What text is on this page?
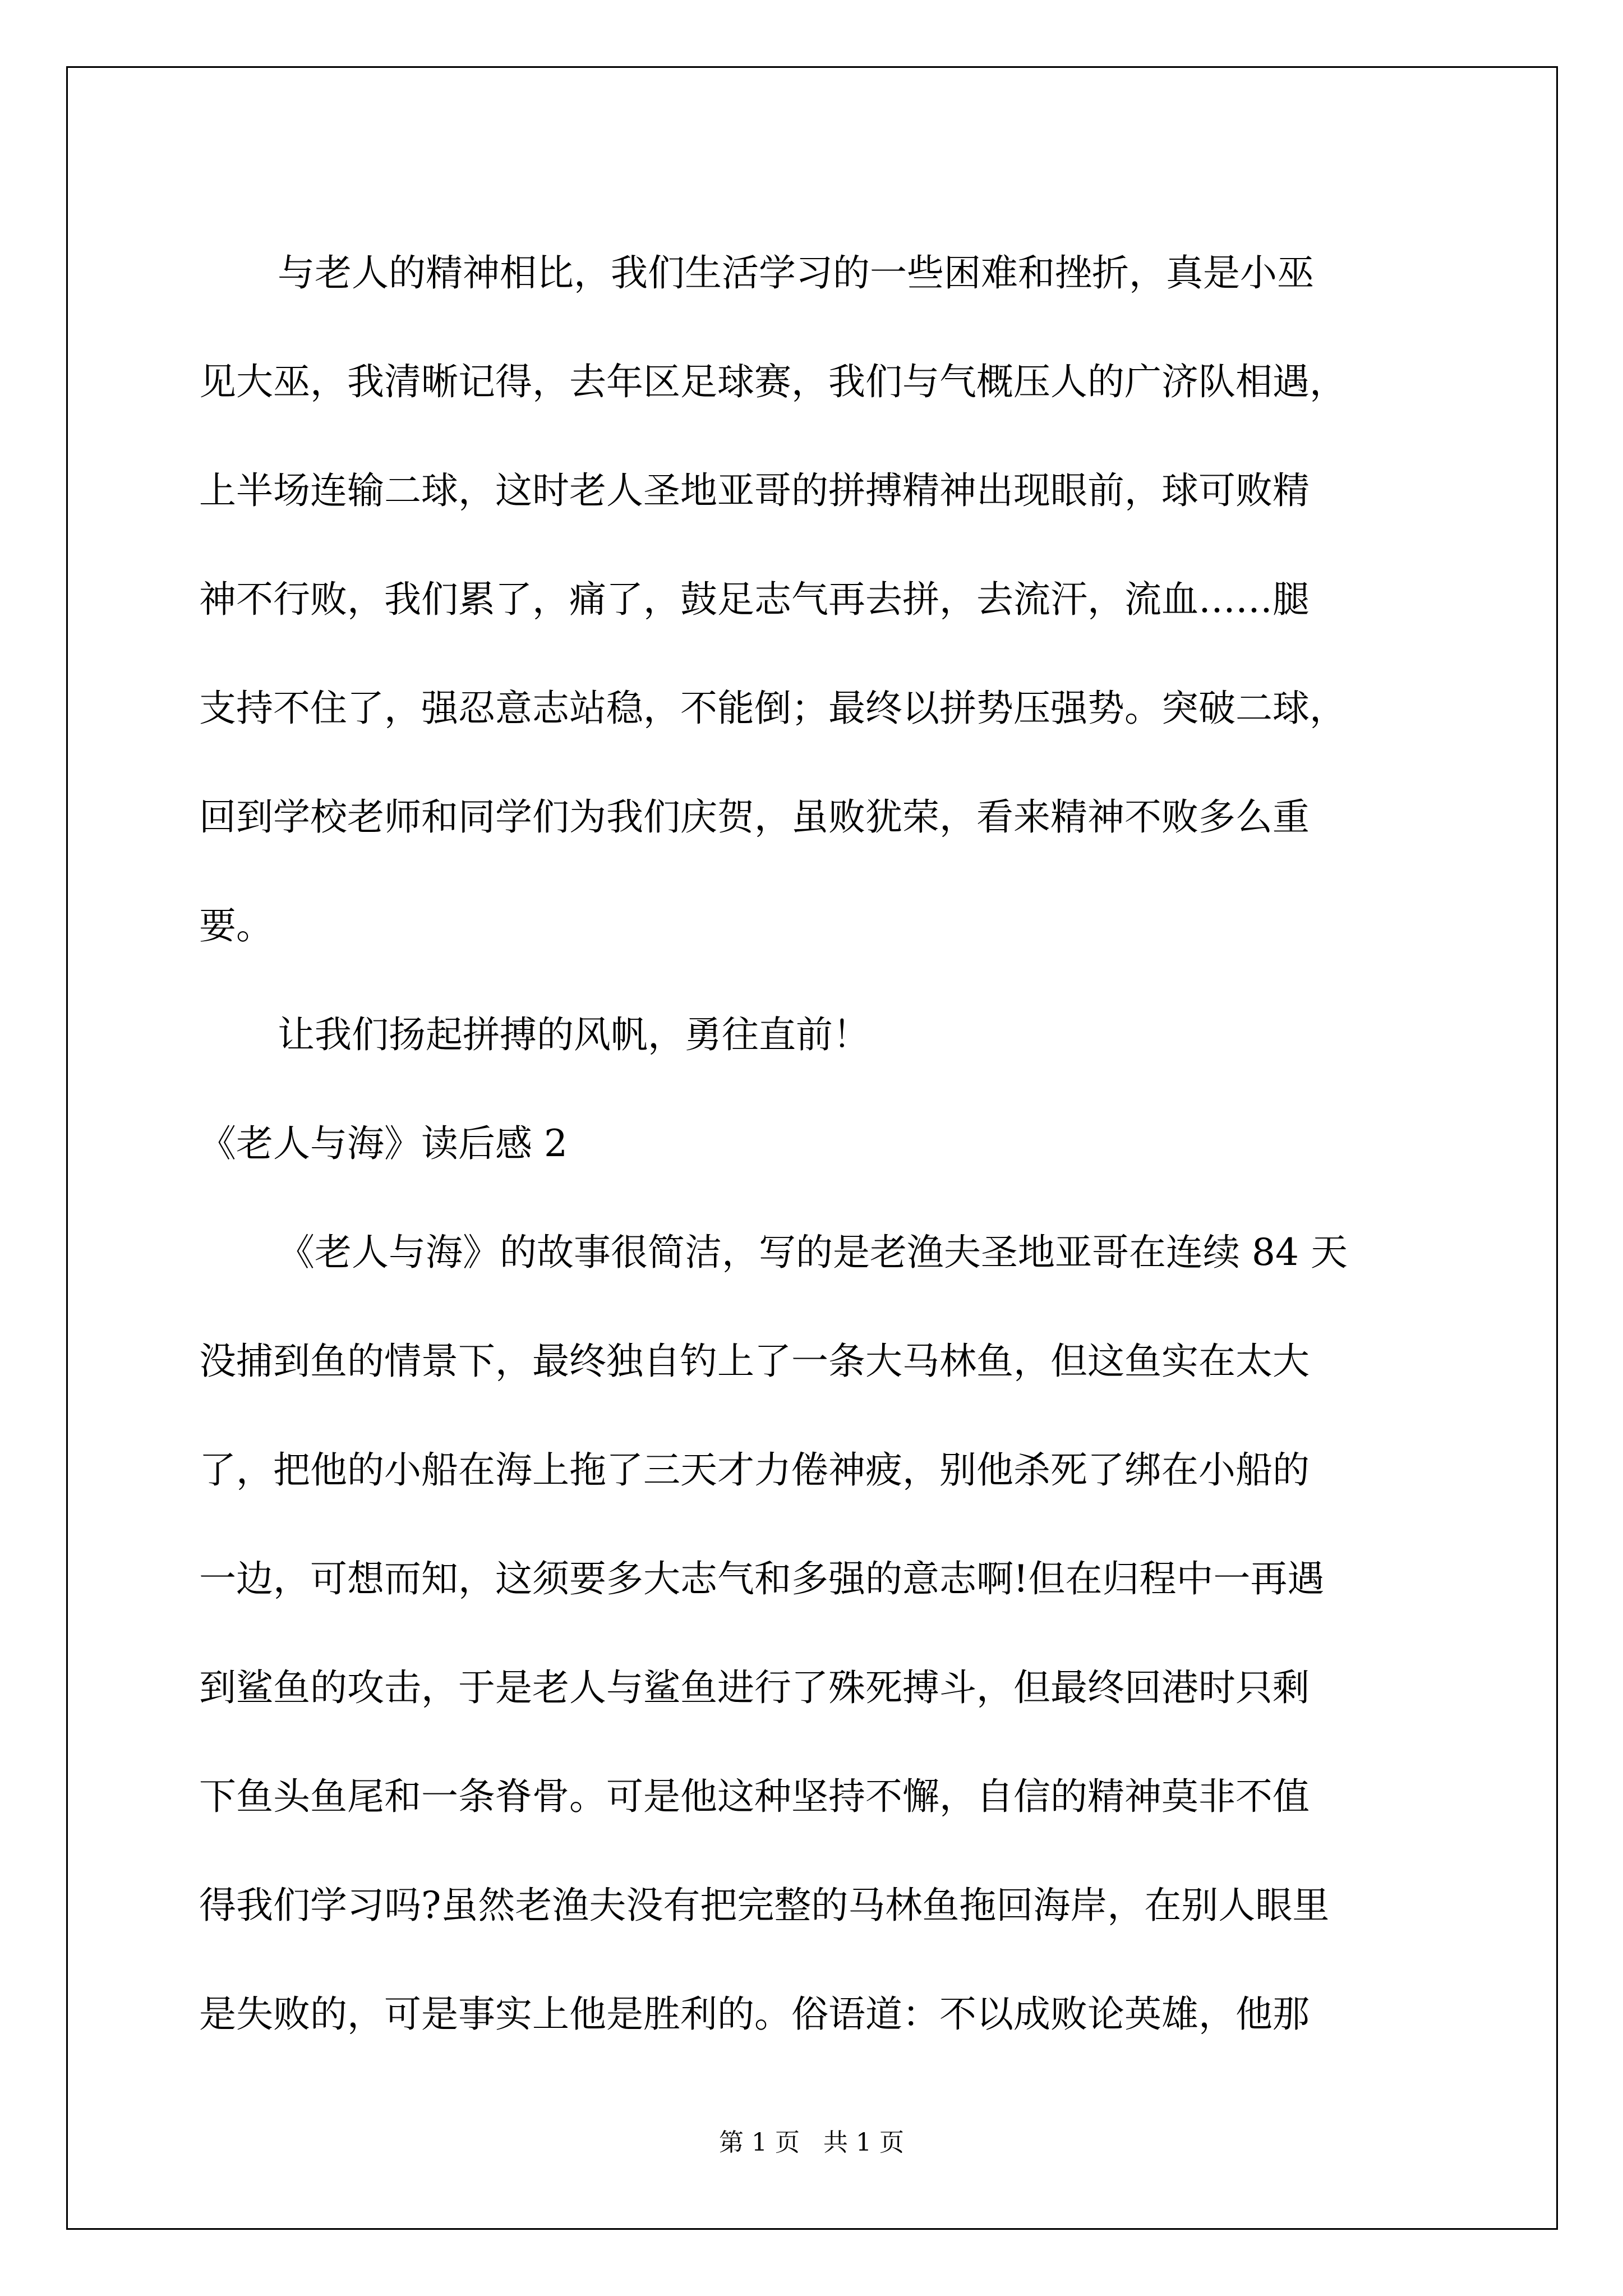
与老人的精神相比，我们生活学习的一些困难和挫折，真是小巫
见大巫，我清晰记得，去年区足球赛，我们与气概压人的广济队相遇，
上半场连输二球，这时老人圣地亚哥的拼搏精神出现眼前，球可败精
神不行败，我们累了，痛了，鼓足志气再去拼，去流汗，流血……腿
支持不住了，强忍意志站稳，不能倒；最终以拼势压强势。突破二球，
回到学校老师和同学们为我们庆贺，虽败犹荣，看来精神不败多么重
要。
让我们扬起拼搏的风帆，勇往直前！
《老人与海》读后感 2
《老人与海》的故事很简洁，写的是老渔夫圣地亚哥在连续 84 天
没捕到鱼的情景下，最终独自钓上了一条大马林鱼，但这鱼实在太大
了，把他的小船在海上拖了三天才力倦神疲，别他杀死了绑在小船的
一边，可想而知，这须要多大志气和多强的意志啊!但在归程中一再遇
到鲨鱼的攻击，于是老人与鲨鱼进行了殊死搏斗，但最终回港时只剩
下鱼头鱼尾和一条脊骨。可是他这种坚持不懈，自信的精神莫非不值
得我们学习吗?虽然老渔夫没有把完整的马林鱼拖回海岸，在别人眼里
是失败的，可是事实上他是胜利的。俗语道：不以成败论英雄，他那
第 1 页   共 1 页
